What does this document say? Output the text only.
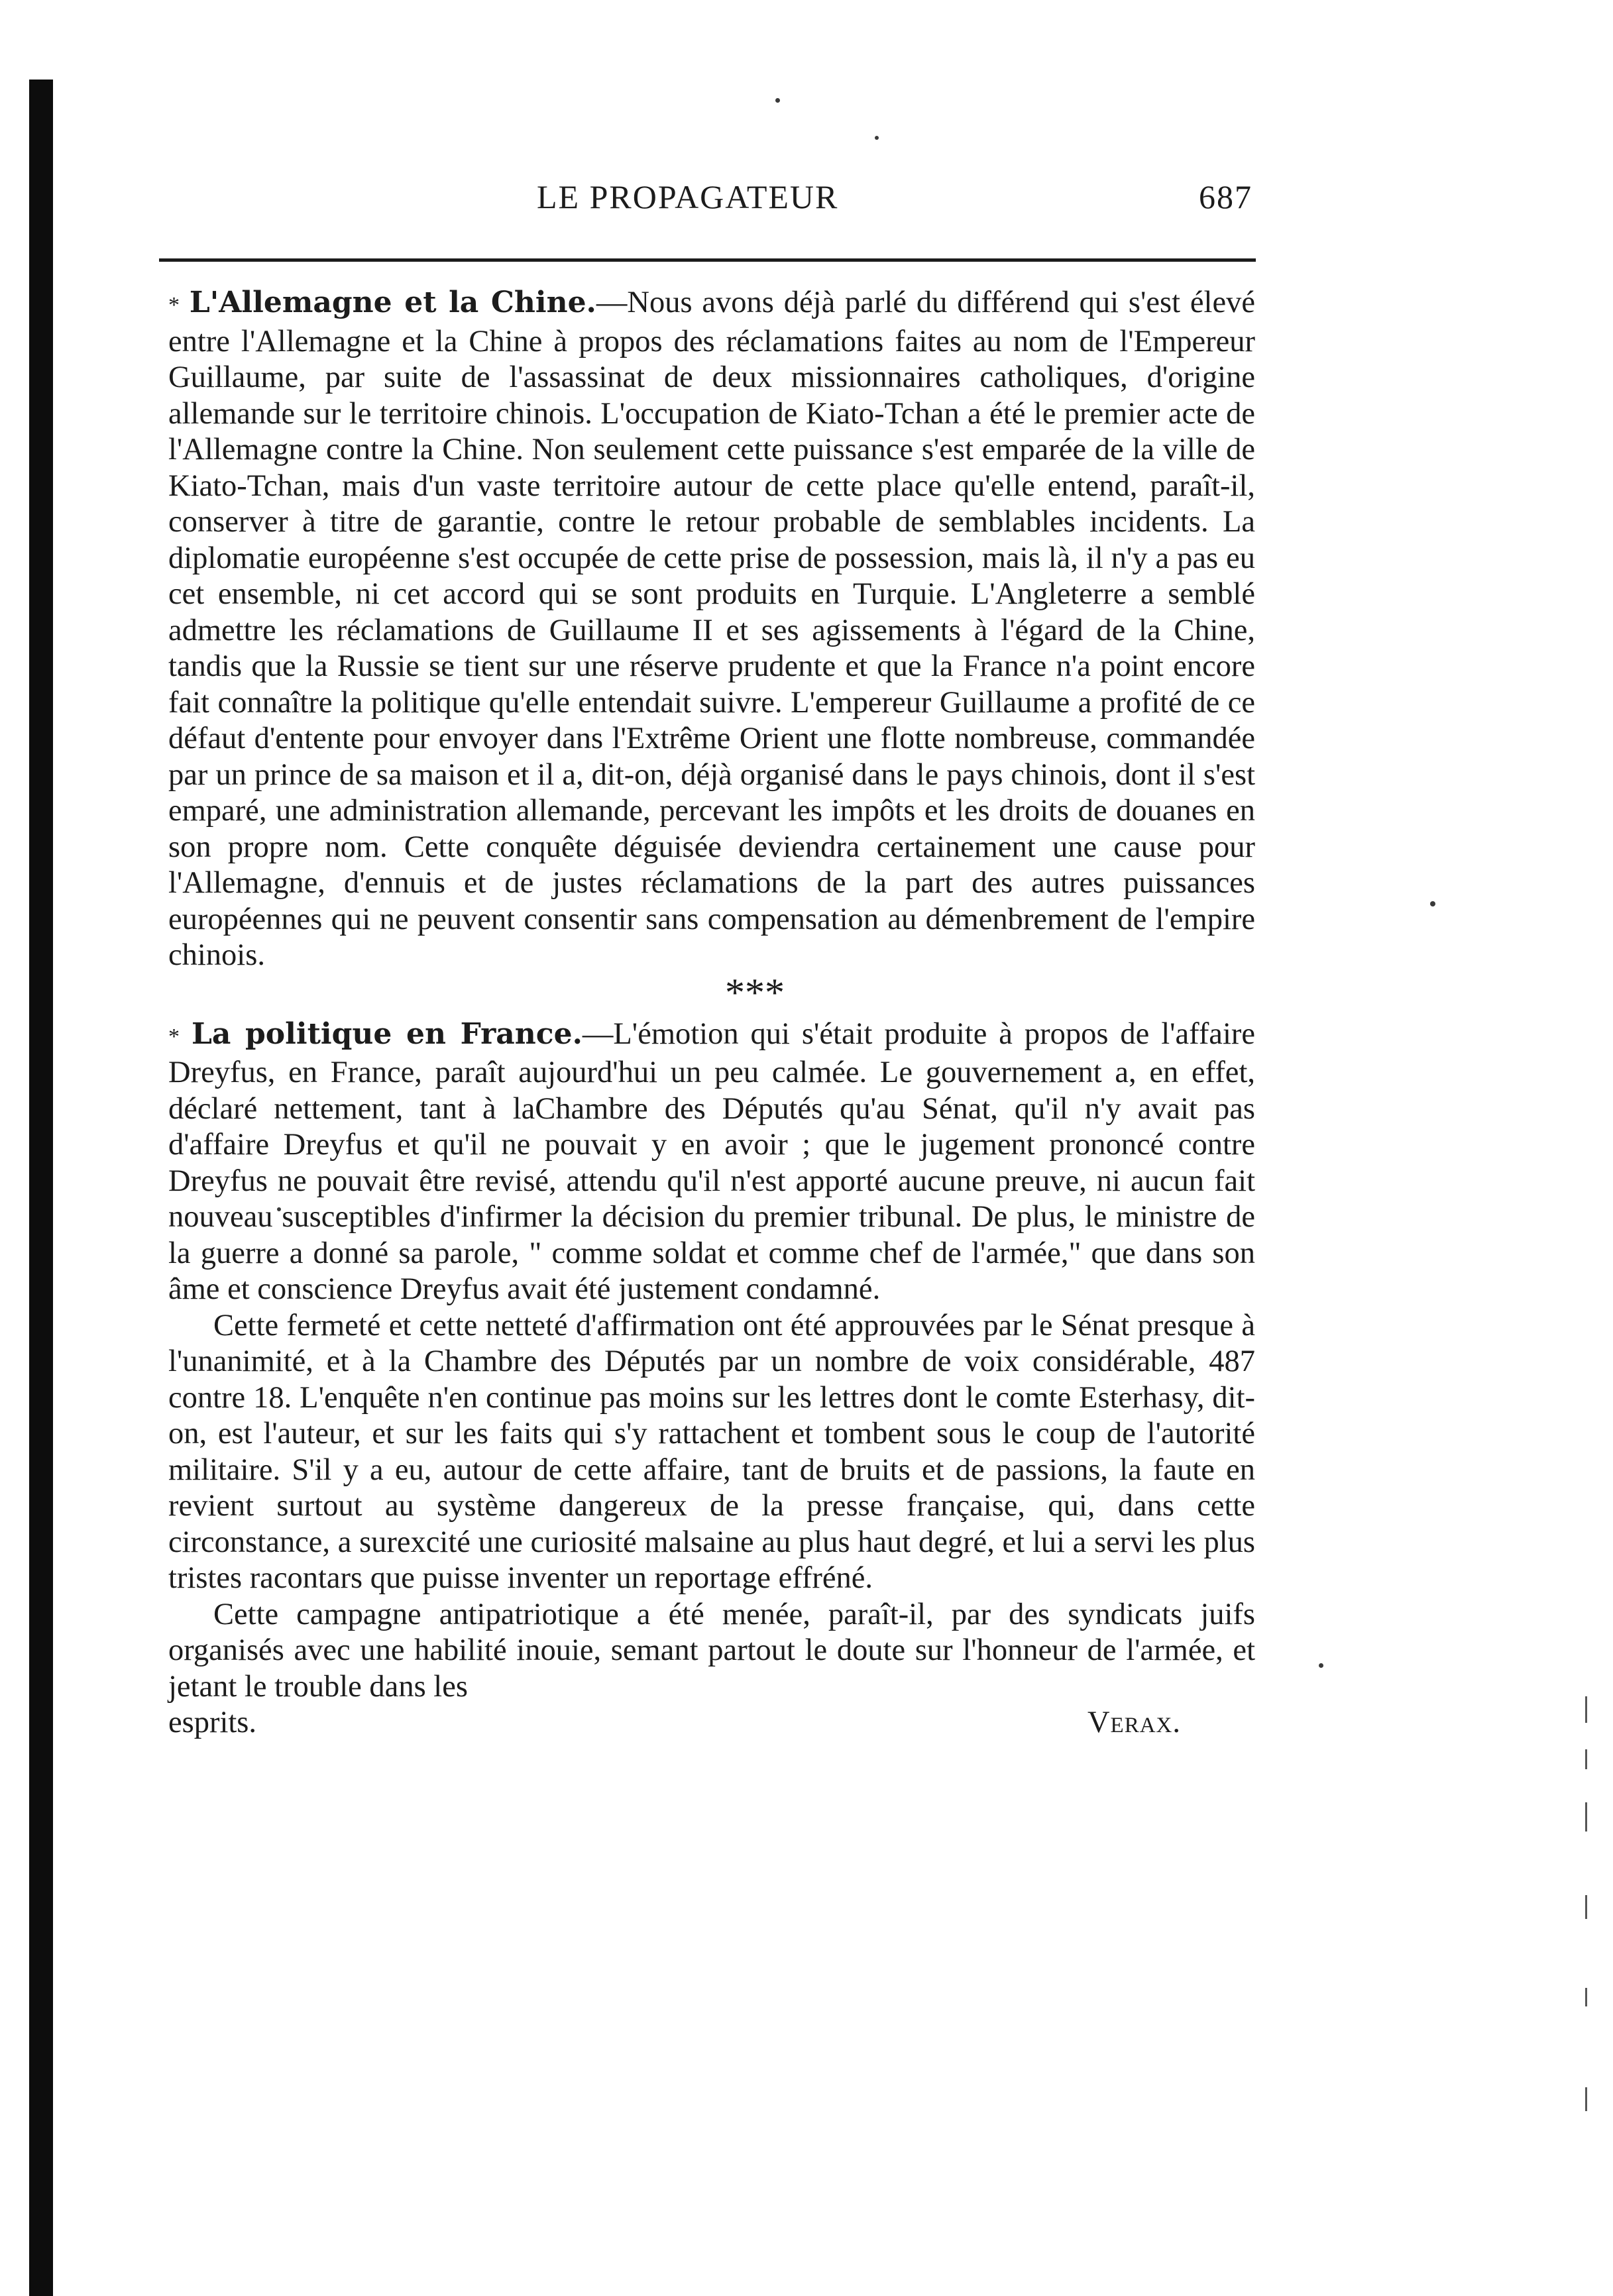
LE PROPAGATEUR	687

* L'Allemagne et la Chine.—Nous avons déjà parlé du différend qui s'est élevé entre l'Allemagne et la Chine à propos des réclamations faites au nom de l'Empereur Guillaume, par suite de l'assassinat de deux missionnaires catholiques, d'origine allemande sur le territoire chinois. L'occupation de Kiato-Tchan a été le premier acte de l'Allemagne contre la Chine. Non seulement cette puissance s'est emparée de la ville de Kiato-Tchan, mais d'un vaste territoire autour de cette place qu'elle entend, paraît-il, conserver à titre de garantie, contre le retour probable de semblables incidents. La diplomatie européenne s'est occupée de cette prise de possession, mais là, il n'y a pas eu cet ensemble, ni cet accord qui se sont produits en Turquie. L'Angleterre a semblé admettre les réclamations de Guillaume II et ses agissements à l'égard de la Chine, tandis que la Russie se tient sur une réserve prudente et que la France n'a point encore fait connaître la politique qu'elle entendait suivre. L'empereur Guillaume a profité de ce défaut d'entente pour envoyer dans l'Extrême Orient une flotte nombreuse, commandée par un prince de sa maison et il a, dit-on, déjà organisé dans le pays chinois, dont il s'est emparé, une administration allemande, percevant les impôts et les droits de douanes en son propre nom. Cette conquête déguisée deviendra certainement une cause pour l'Allemagne, d'ennuis et de justes réclamations de la part des autres puissances européennes qui ne peuvent consentir sans compensation au démenbrement de l'empire chinois.

***

* La politique en France.—L'émotion qui s'était produite à propos de l'affaire Dreyfus, en France, paraît aujourd'hui un peu calmée. Le gouvernement a, en effet, déclaré nettement, tant à laChambre des Députés qu'au Sénat, qu'il n'y avait pas d'affaire Dreyfus et qu'il ne pouvait y en avoir ; que le jugement prononcé contre Dreyfus ne pouvait être revisé, attendu qu'il n'est apporté aucune preuve, ni aucun fait nouveau susceptibles d'infirmer la décision du premier tribunal. De plus, le ministre de la guerre a donné sa parole, " comme soldat et comme chef de l'armée," que dans son âme et conscience Dreyfus avait été justement condamné.

Cette fermeté et cette netteté d'affirmation ont été approuvées par le Sénat presque à l'unanimité, et à la Chambre des Députés par un nombre de voix considérable, 487 contre 18. L'enquête n'en continue pas moins sur les lettres dont le comte Esterhasy, dit-on, est l'auteur, et sur les faits qui s'y rattachent et tombent sous le coup de l'autorité militaire. S'il y a eu, autour de cette affaire, tant de bruits et de passions, la faute en revient surtout au système dangereux de la presse française, qui, dans cette circonstance, a surexcité une curiosité malsaine au plus haut degré, et lui a servi les plus tristes racontars que puisse inventer un reportage effréné.

Cette campagne antipatriotique a été menée, paraît-il, par des syndicats juifs organisés avec une habilité inouie, semant partout le doute sur l'honneur de l'armée, et jetant le trouble dans les

esprits.	Verax.
